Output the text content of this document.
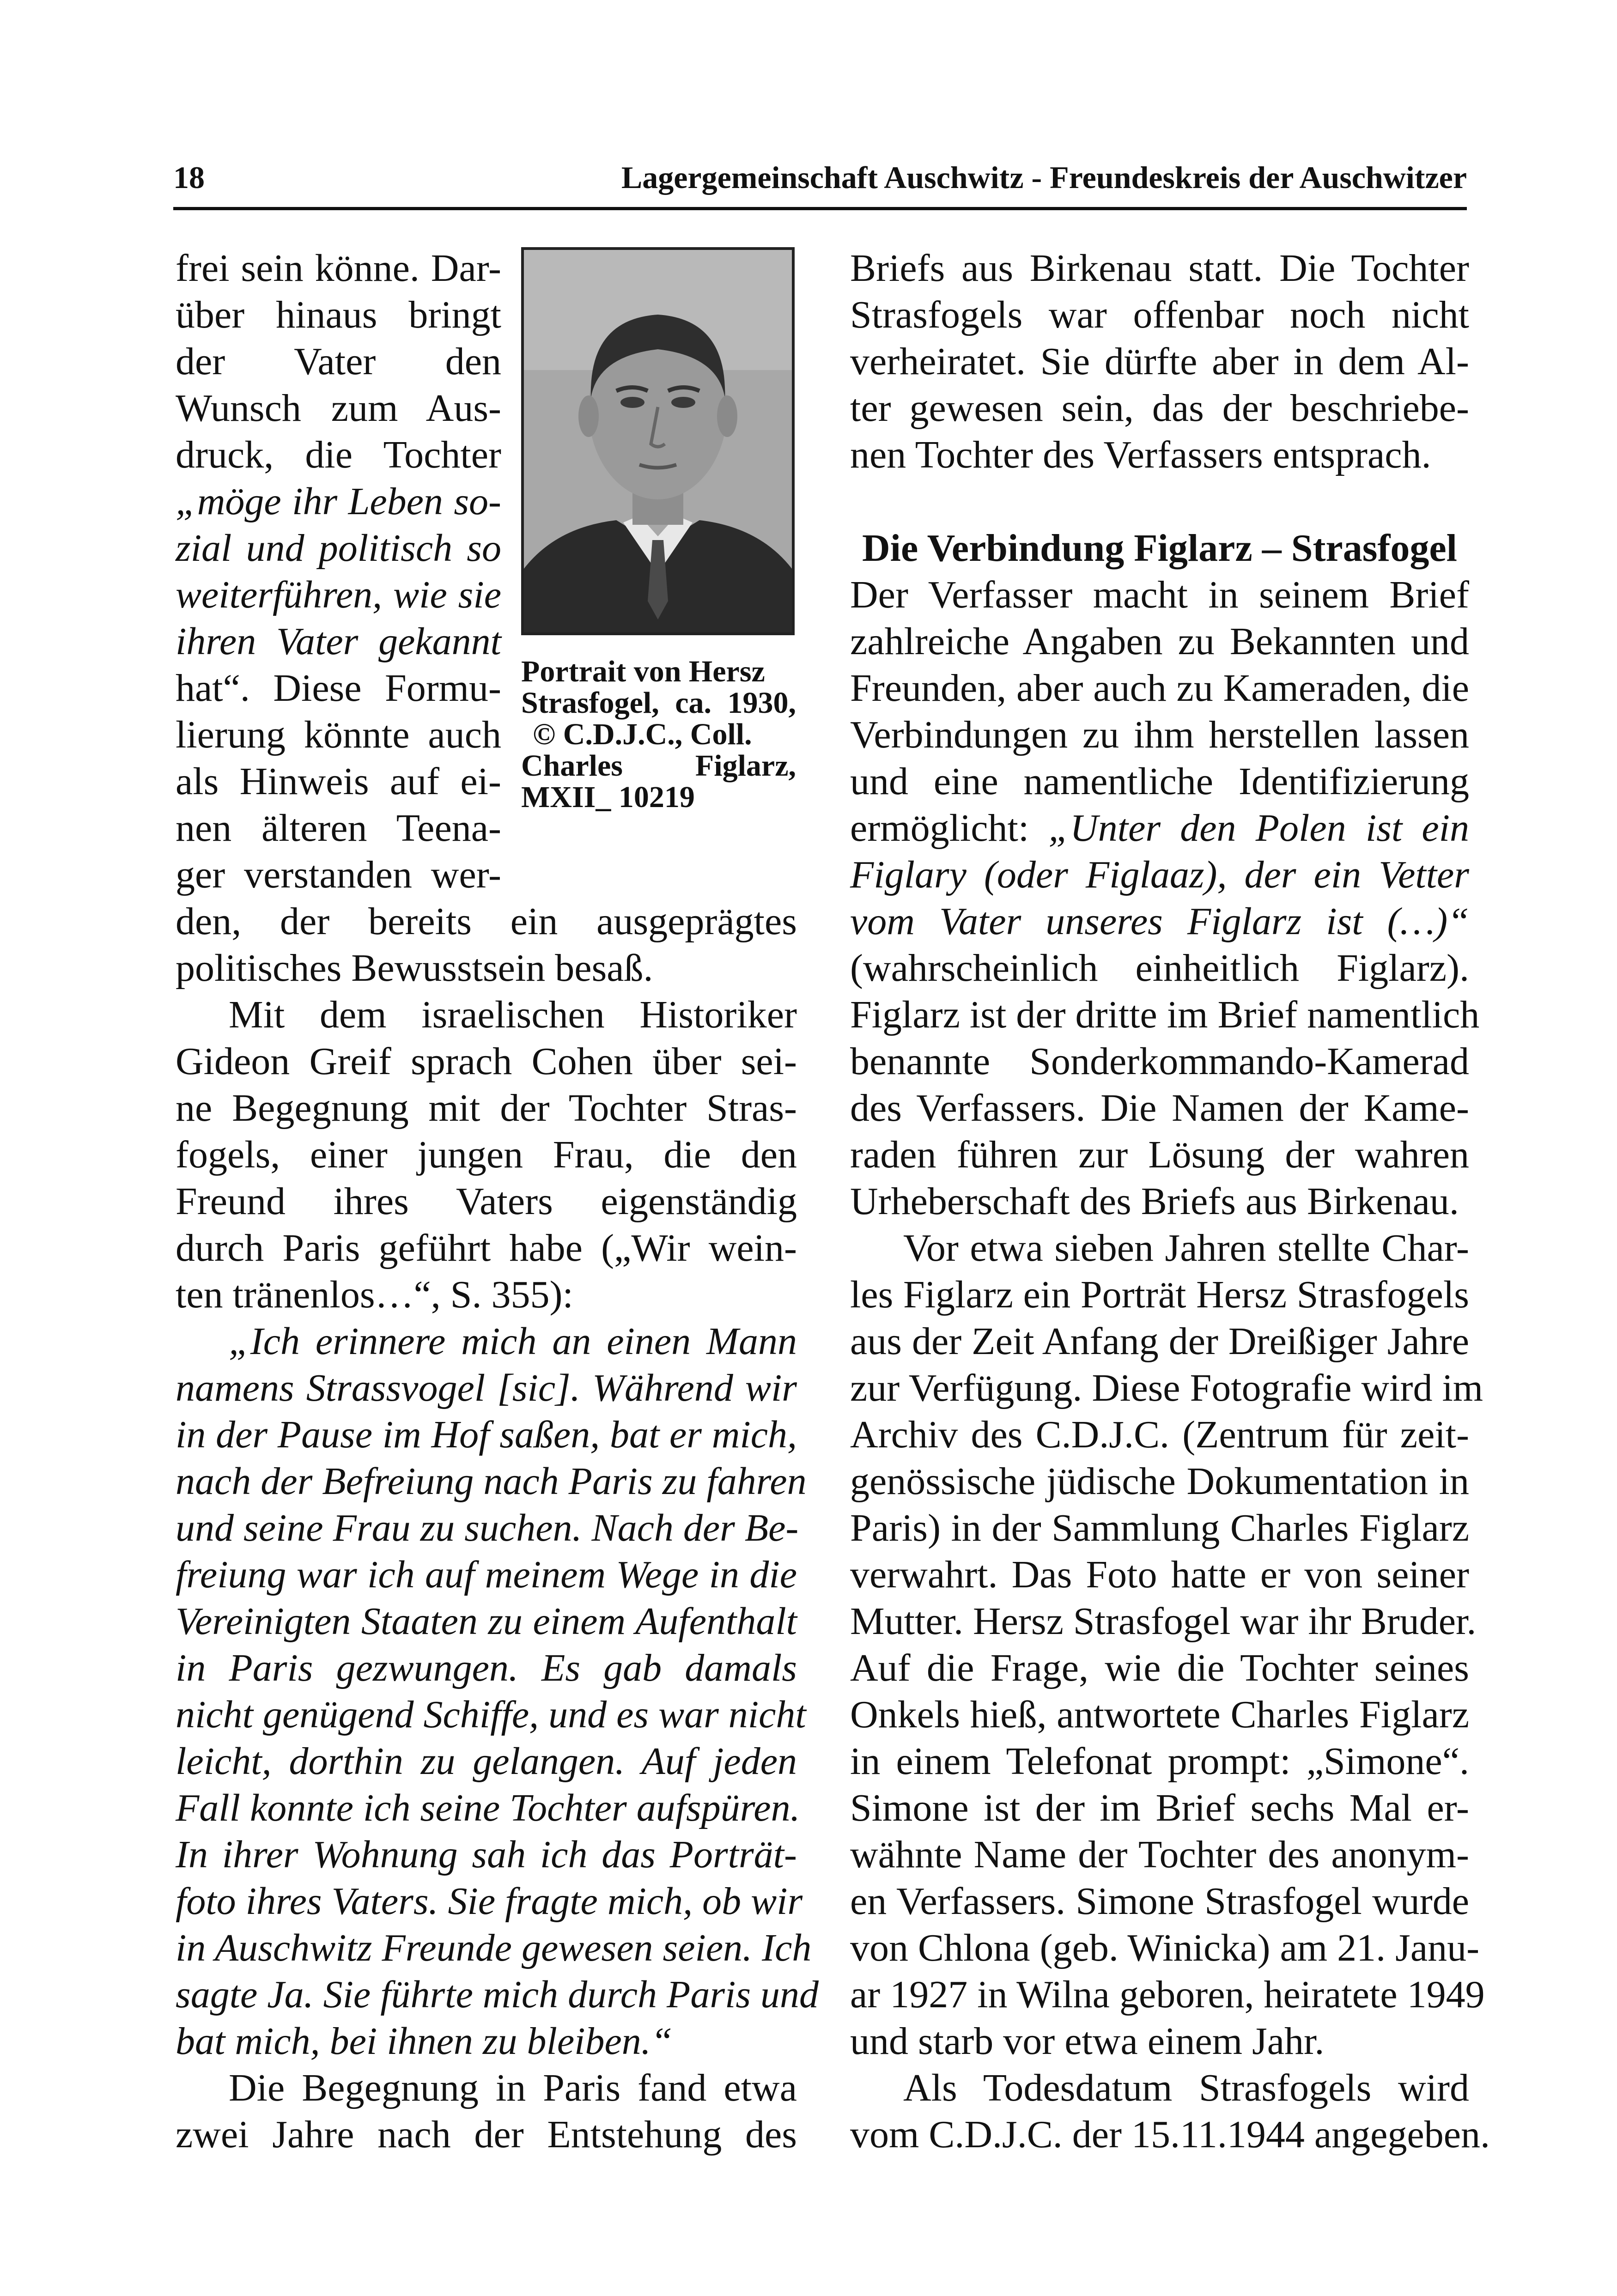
18	Lagergemeinschaft Auschwitz - Freundeskreis der Auschwitzer
Portrait von Hersz
Strasfogel, ca. 1930,
© C.D.J.C., Coll.
Charles Figlarz,
MXII_ 10219
frei sein könne. Dar-
über hinaus bringt
der Vater den
Wunsch zum Aus-
druck, die Tochter
„möge ihr Leben so-
zial und politisch so
weiterführen, wie sie
ihren Vater gekannt
hat“. Diese Formu-
lierung könnte auch
als Hinweis auf ei-
nen älteren Teena-
ger verstanden wer-
den, der bereits ein ausgeprägtes
politisches Bewusstsein besaß.
Mit dem israelischen Historiker
Gideon Greif sprach Cohen über sei-
ne Begegnung mit der Tochter Stras-
fogels, einer jungen Frau, die den
Freund ihres Vaters eigenständig
durch Paris geführt habe („Wir wein-
ten tränenlos…“, S. 355):
„Ich erinnere mich an einen Mann
namens Strassvogel [sic]. Während wir
in der Pause im Hof saßen, bat er mich,
nach der Befreiung nach Paris zu fahren
und seine Frau zu suchen. Nach der Be-
freiung war ich auf meinem Wege in die
Vereinigten Staaten zu einem Aufenthalt
in Paris gezwungen. Es gab damals
nicht genügend Schiffe, und es war nicht
leicht, dorthin zu gelangen. Auf jeden
Fall konnte ich seine Tochter aufspüren.
In ihrer Wohnung sah ich das Porträt-
foto ihres Vaters. Sie fragte mich, ob wir
in Auschwitz Freunde gewesen seien. Ich
sagte Ja. Sie führte mich durch Paris und
bat mich, bei ihnen zu bleiben.“
Die Begegnung in Paris fand etwa
zwei Jahre nach der Entstehung des
Briefs aus Birkenau statt. Die Tochter
Strasfogels war offenbar noch nicht
verheiratet. Sie dürfte aber in dem Al-
ter gewesen sein, das der beschriebe-
nen Tochter des Verfassers entsprach.
Die Verbindung Figlarz – Strasfogel
Der Verfasser macht in seinem Brief
zahlreiche Angaben zu Bekannten und
Freunden, aber auch zu Kameraden, die
Verbindungen zu ihm herstellen lassen
und eine namentliche Identifizierung
ermöglicht: „Unter den Polen ist ein
Figlary (oder Figlaaz), der ein Vetter
vom Vater unseres Figlarz ist (…)“
(wahrscheinlich einheitlich Figlarz).
Figlarz ist der dritte im Brief namentlich
benannte Sonderkommando-Kamerad
des Verfassers. Die Namen der Kame-
raden führen zur Lösung der wahren
Urheberschaft des Briefs aus Birkenau.
Vor etwa sieben Jahren stellte Char-
les Figlarz ein Porträt Hersz Strasfogels
aus der Zeit Anfang der Dreißiger Jahre
zur Verfügung. Diese Fotografie wird im
Archiv des C.D.J.C. (Zentrum für zeit-
genössische jüdische Dokumentation in
Paris) in der Sammlung Charles Figlarz
verwahrt. Das Foto hatte er von seiner
Mutter. Hersz Strasfogel war ihr Bruder.
Auf die Frage, wie die Tochter seines
Onkels hieß, antwortete Charles Figlarz
in einem Telefonat prompt: „Simone“.
Simone ist der im Brief sechs Mal er-
wähnte Name der Tochter des anonym-
en Verfassers. Simone Strasfogel wurde
von Chlona (geb. Winicka) am 21. Janu-
ar 1927 in Wilna geboren, heiratete 1949
und starb vor etwa einem Jahr.
Als Todesdatum Strasfogels wird
vom C.D.J.C. der 15.11.1944 angegeben.
